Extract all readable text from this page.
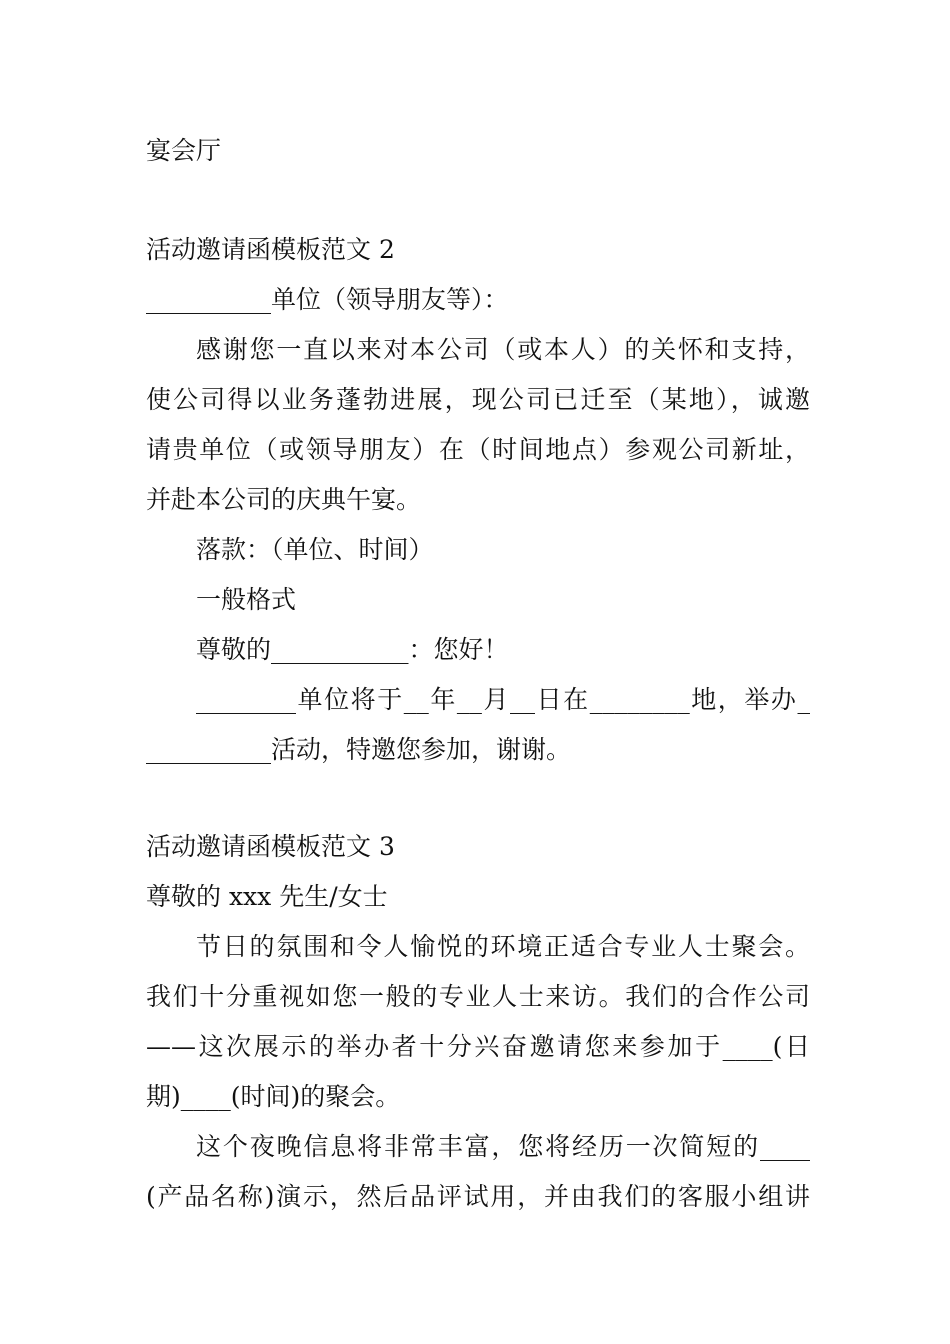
宴会厅
活动邀请函模板范文 2
__________单位（领导朋友等）：
感谢您一直以来对本公司（或本人）的关怀和支持，
使公司得以业务蓬勃进展，现公司已迁至（某地），诚邀
请贵单位（或领导朋友）在（时间地点）参观公司新址，
并赴本公司的庆典午宴。
落款：（单位、时间）
一般格式
尊敬的___________：您好！
________单位将于__年__月__日在________地，举办_
__________活动，特邀您参加，谢谢。
活动邀请函模板范文 3
尊敬的 xxx 先生/女士
节日的氛围和令人愉悦的环境正适合专业人士聚会。
我们十分重视如您一般的专业人士来访。我们的合作公司
——这次展示的举办者十分兴奋邀请您来参加于____(日
期)____(时间)的聚会。
这个夜晚信息将非常丰富，您将经历一次简短的____
(产品名称)演示，然后品评试用，并由我们的客服小组讲
